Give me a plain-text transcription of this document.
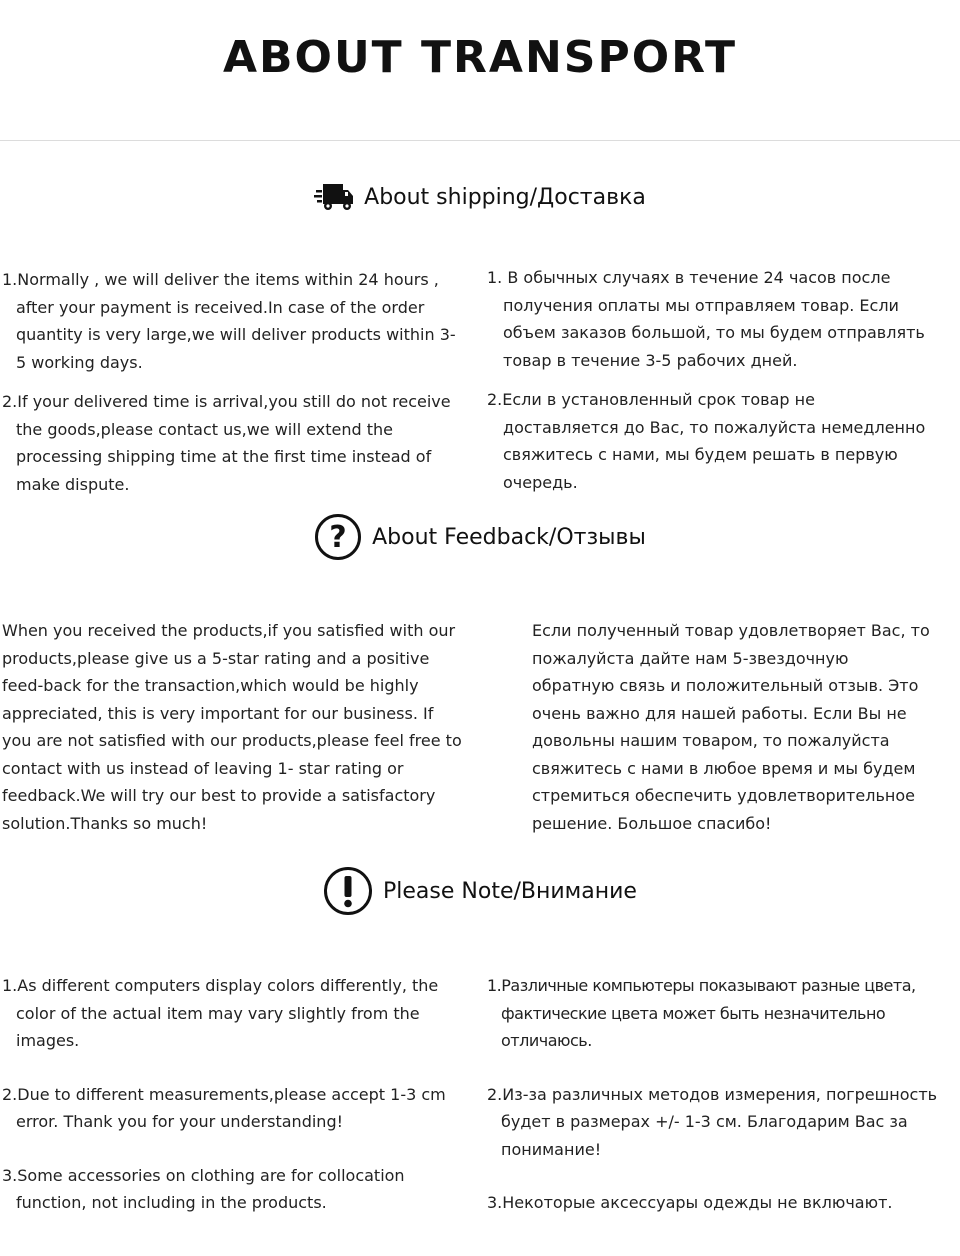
ABOUT TRANSPORT
About shipping/Доставка

1.Normally , we will deliver the items within 24 hours , after your payment is received.In case of the order quantity is very large,we will deliver products within 3-5 working days.

2.If your delivered time is arrival,you still do not receive the goods,please contact us,we will extend the processing shipping time at the first time instead of make dispute.

1. В обычных случаях в течение 24 часов после получения оплаты мы отправляем товар. Если объем заказов большой, то мы будем отправлять товар в течение 3-5 рабочих дней.

2.Если в установленный срок товар не доставляется до Вас, то пожалуйста немедленно свяжитесь с нами, мы будем решать в первую очередь.

? About Feedback/Отзывы

When you received the products,if you satisfied with our products,please give us a 5-star rating and a positive feed-back for the transaction,which would be highly appreciated, this is very important for our business. If you are not satisfied with our products,please feel free to contact with us instead of leaving 1- star rating or feedback.We will try our best to provide a satisfactory solution.Thanks so much!

Если полученный товар удовлетворяет Вас, то пожалуйста дайте нам 5-звездочную обратную связь и положительный отзыв. Это очень важно для нашей работы. Если Вы не довольны нашим товаром, то пожалуйста свяжитесь с нами в любое время и мы будем стремиться обеспечить удовлетворительное решение. Большое спасибо!

Please Note/Внимание

1.As different computers display colors differently, the color of the actual item may vary slightly from the images.

2.Due to different measurements,please accept 1-3 cm error. Thank you for your understanding!

3.Some accessories on clothing are for collocation function, not including in the products.

1.Различные компьютеры показывают разные цвета, фактические цвета может быть незначительно отличаюсь.

2.Из-за различных методов измерения, погрешность будет в размерах +/- 1-3 см. Благодарим Вас за понимание!

3.Некоторые аксессуары одежды не включают.
